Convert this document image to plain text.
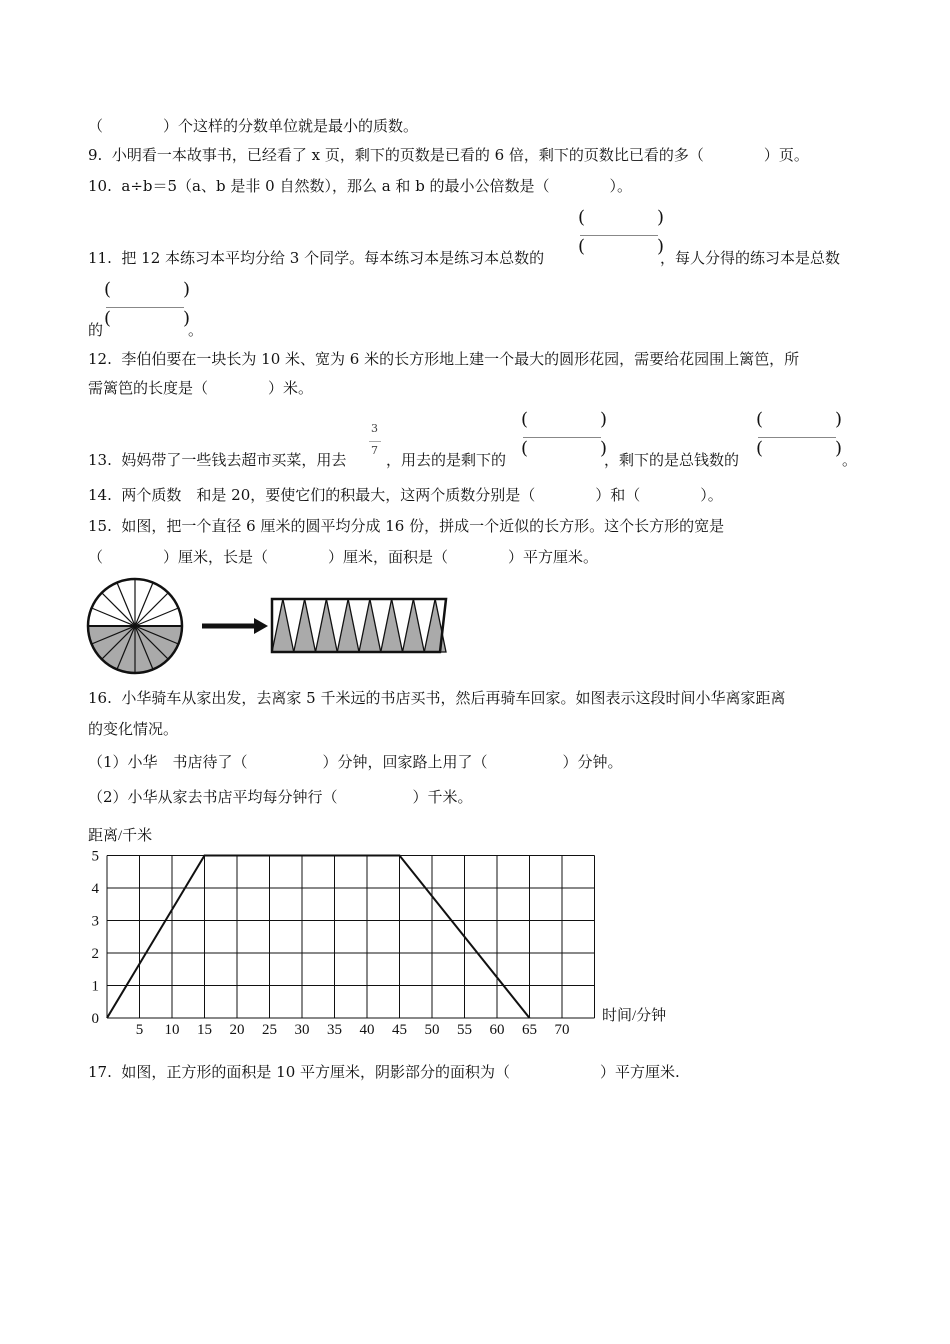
（　　　　）个这样的分数单位就是最小的质数。
9.  小明看一本故事书，已经看了 x 页，剩下的页数是已看的 6 倍，剩下的页数比已看的多（　　　　）页。
10.  a÷b＝5（a、b 是非 0 自然数），那么 a 和 b 的最小公倍数是（　　　　）。
11.  把 12 本练习本平均分给 3 个同学。每本练习本是练习本总数的
(　　　　)
(　　　　)
，每人分得的练习本是总数
的
(　　　　)
(　　　　)
。
12.  李伯伯要在一块长为 10 米、宽为 6 米的长方形地上建一个最大的圆形花园，需要给花园围上篱笆，所
需篱笆的长度是（　　　　）米。
13.  妈妈带了一些钱去超市买菜，用去
3
7
，用去的是剩下的
(　　　　)
(　　　　)
，剩下的是总钱数的
(　　　　)
(　　　　)
。
14.  两个质数　和是 20，要使它们的积最大，这两个质数分别是（　　　　）和（　　　　）。
15.  如图，把一个直径 6 厘米的圆平均分成 16 份，拼成一个近似的长方形。这个长方形的宽是
（　　　　）厘米，长是（　　　　）厘米，面积是（　　　　）平方厘米。
16.  小华骑车从家出发，去离家 5 千米远的书店买书，然后再骑车回家。如图表示这段时间小华离家距离
的变化情况。
（1）小华　书店待了（　　　　　）分钟，回家路上用了（　　　　　）分钟。
（2）小华从家去书店平均每分钟行（　　　　　）千米。
距离/千米
时间/分钟
5 10 15 20 25 30 35 40 45 50 55 60 65 70
0
1
2
3
4
5
17.  如图，正方形的面积是 10 平方厘米，阴影部分的面积为（　　　　　　）平方厘米.
